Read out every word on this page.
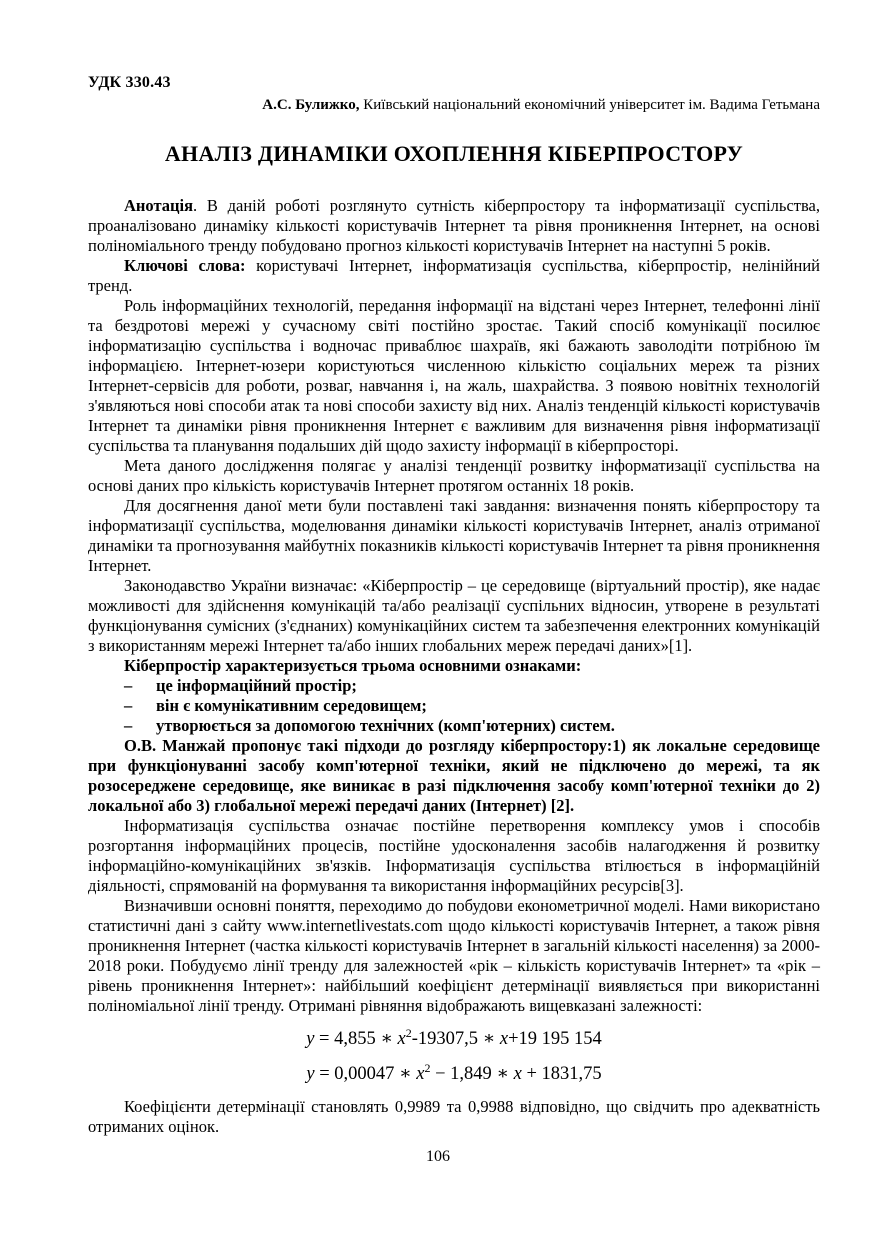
УДК 330.43
А.С. Булижко, Київський національний економічний університет ім. Вадима Гетьмана
АНАЛІЗ ДИНАМІКИ ОХОПЛЕННЯ КІБЕРПРОСТОРУ

Анотація. В даній роботі розглянуто сутність кіберпростору та інформатизації суспільства, проаналізовано динаміку кількості користувачів Інтернет та рівня проникнення Інтернет, на основі поліноміального тренду побудовано прогноз кількості користувачів Інтернет на наступні 5 років.

Ключові слова: користувачі Інтернет, інформатизація суспільства, кіберпростір, нелінійний тренд.

Роль інформаційних технологій, передання інформації на відстані через Інтернет, телефонні лінії та бездротові мережі у сучасному світі постійно зростає. Такий спосіб комунікації посилює інформатизацію суспільства і водночас приваблює шахраїв, які бажають заволодіти потрібною їм інформацією. Інтернет-юзери користуються численною кількістю соціальних мереж та різних Інтернет-сервісів для роботи, розваг, навчання і, на жаль, шахрайства. З появою новітніх технологій з'являються нові способи атак та нові способи захисту від них. Аналіз тенденцій кількості користувачів Інтернет та динаміки рівня проникнення Інтернет є важливим для визначення рівня інформатизації суспільства та планування подальших дій щодо захисту інформації в кіберпросторі.

Мета даного дослідження полягає у аналізі тенденції розвитку інформатизації суспільства на основі даних про кількість користувачів Інтернет протягом останніх 18 років.

Для досягнення даної мети були поставлені такі завдання: визначення понять кіберпростору та інформатизації суспільства, моделювання динаміки кількості користувачів Інтернет, аналіз отриманої динаміки та прогнозування майбутніх показників кількості користувачів Інтернет та рівня проникнення Інтернет.

Законодавство України визначає: «Кіберпростір – це середовище (віртуальний простір), яке надає можливості для здійснення комунікацій та/або реалізації суспільних відносин, утворене в результаті функціонування сумісних (з'єднаних) комунікаційних систем та забезпечення електронних комунікацій з використанням мережі Інтернет та/або інших глобальних мереж передачі даних»[1].

Кіберпростір характеризується трьома основними ознаками:

–	це інформаційний простір;
–	він є комунікативним середовищем;
–	утворюється за допомогою технічних (комп'ютерних) систем.

О.В. Манжай пропонує такі підходи до розгляду кіберпростору:1) як локальне середовище при функціонуванні засобу комп'ютерної техніки, який не підключено до мережі, та як розосереджене середовище, яке виникає в разі підключення засобу комп'ютерної техніки до 2) локальної або 3) глобальної мережі передачі даних (Інтернет) [2].

Інформатизація суспільства означає постійне перетворення комплексу умов і способів розгортання інформаційних процесів, постійне удосконалення засобів налагодження й розвитку інформаційно-комунікаційних зв'язків. Інформатизація суспільства втілюється в інформаційній діяльності, спрямованій на формування та використання інформаційних ресурсів[3].

Визначивши основні поняття, переходимо до побудови економетричної моделі. Нами використано статистичні дані з сайту www.internetlivestats.com щодо кількості користувачів Інтернет, а також рівня проникнення Інтернет (частка кількості користувачів Інтернет в загальній кількості населення) за 2000-2018 роки. Побудуємо лінії тренду для залежностей «рік – кількість користувачів Інтернет» та «рік – рівень проникнення Інтернет»: найбільший коефіцієнт детермінації виявляється при використанні поліноміальної лінії тренду. Отримані рівняння відображають вищевказані залежності:

y = 4,855 ∗ $x^2-19307,5$ ∗ x+19 195 154
y = 0,00047 ∗ $x^2 - 1,849$ ∗ x + 1831,75

Коефіцієнти детермінації становлять 0,9989 та 0,9988 відповідно, що свідчить про адекватність отриманих оцінок.

106
